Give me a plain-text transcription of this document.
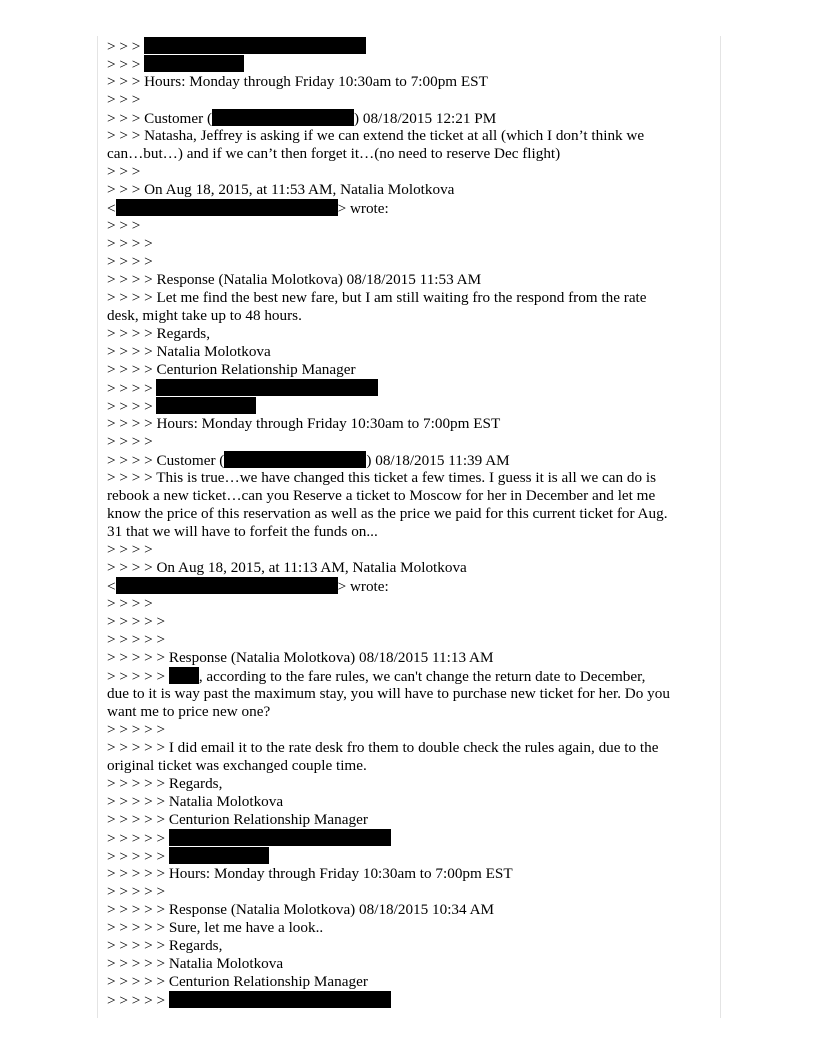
> > >
> > >
> > > Hours: Monday through Friday 10:30am to 7:00pm EST
> > >
> > > Customer (	) 08/18/2015 12:21 PM
> > > Natasha, Jeffrey is asking if we can extend the ticket at all (which I don’t think we
can…but…) and if we can’t then forget it…(no need to reserve Dec flight)
> > >
> > > On Aug 18, 2015, at 11:53 AM, Natalia Molotkova
<	> wrote:
> > >
> > > >
> > > >
> > > > Response (Natalia Molotkova) 08/18/2015 11:53 AM
> > > > Let me find the best new fare, but I am still waiting fro the respond from the rate
desk, might take up to 48 hours.
> > > > Regards,
> > > > Natalia Molotkova
> > > > Centurion Relationship Manager
> > > >
> > > >
> > > > Hours: Monday through Friday 10:30am to 7:00pm EST
> > > >
> > > > Customer (	) 08/18/2015 11:39 AM
> > > > This is true…we have changed this ticket a few times. I guess it is all we can do is
rebook a new ticket…can you Reserve a ticket to Moscow for her in December and let me
know the price of this reservation as well as the price we paid for this current ticket for Aug.
31 that we will have to forfeit the funds on...
> > > >
> > > > On Aug 18, 2015, at 11:13 AM, Natalia Molotkova
<	> wrote:
> > > >
> > > > >
> > > > >
> > > > > Response (Natalia Molotkova) 08/18/2015 11:13 AM
> > > > > , according to the fare rules, we can't change the return date to December,
due to it is way past the maximum stay, you will have to purchase new ticket for her. Do you
want me to price new one?
> > > > >
> > > > > I did email it to the rate desk fro them to double check the rules again, due to the
original ticket was exchanged couple time.
> > > > > Regards,
> > > > > Natalia Molotkova
> > > > > Centurion Relationship Manager
> > > > >
> > > > >
> > > > > Hours: Monday through Friday 10:30am to 7:00pm EST
> > > > >
> > > > > Response (Natalia Molotkova) 08/18/2015 10:34 AM
> > > > > Sure, let me have a look..
> > > > > Regards,
> > > > > Natalia Molotkova
> > > > > Centurion Relationship Manager
> > > > >
